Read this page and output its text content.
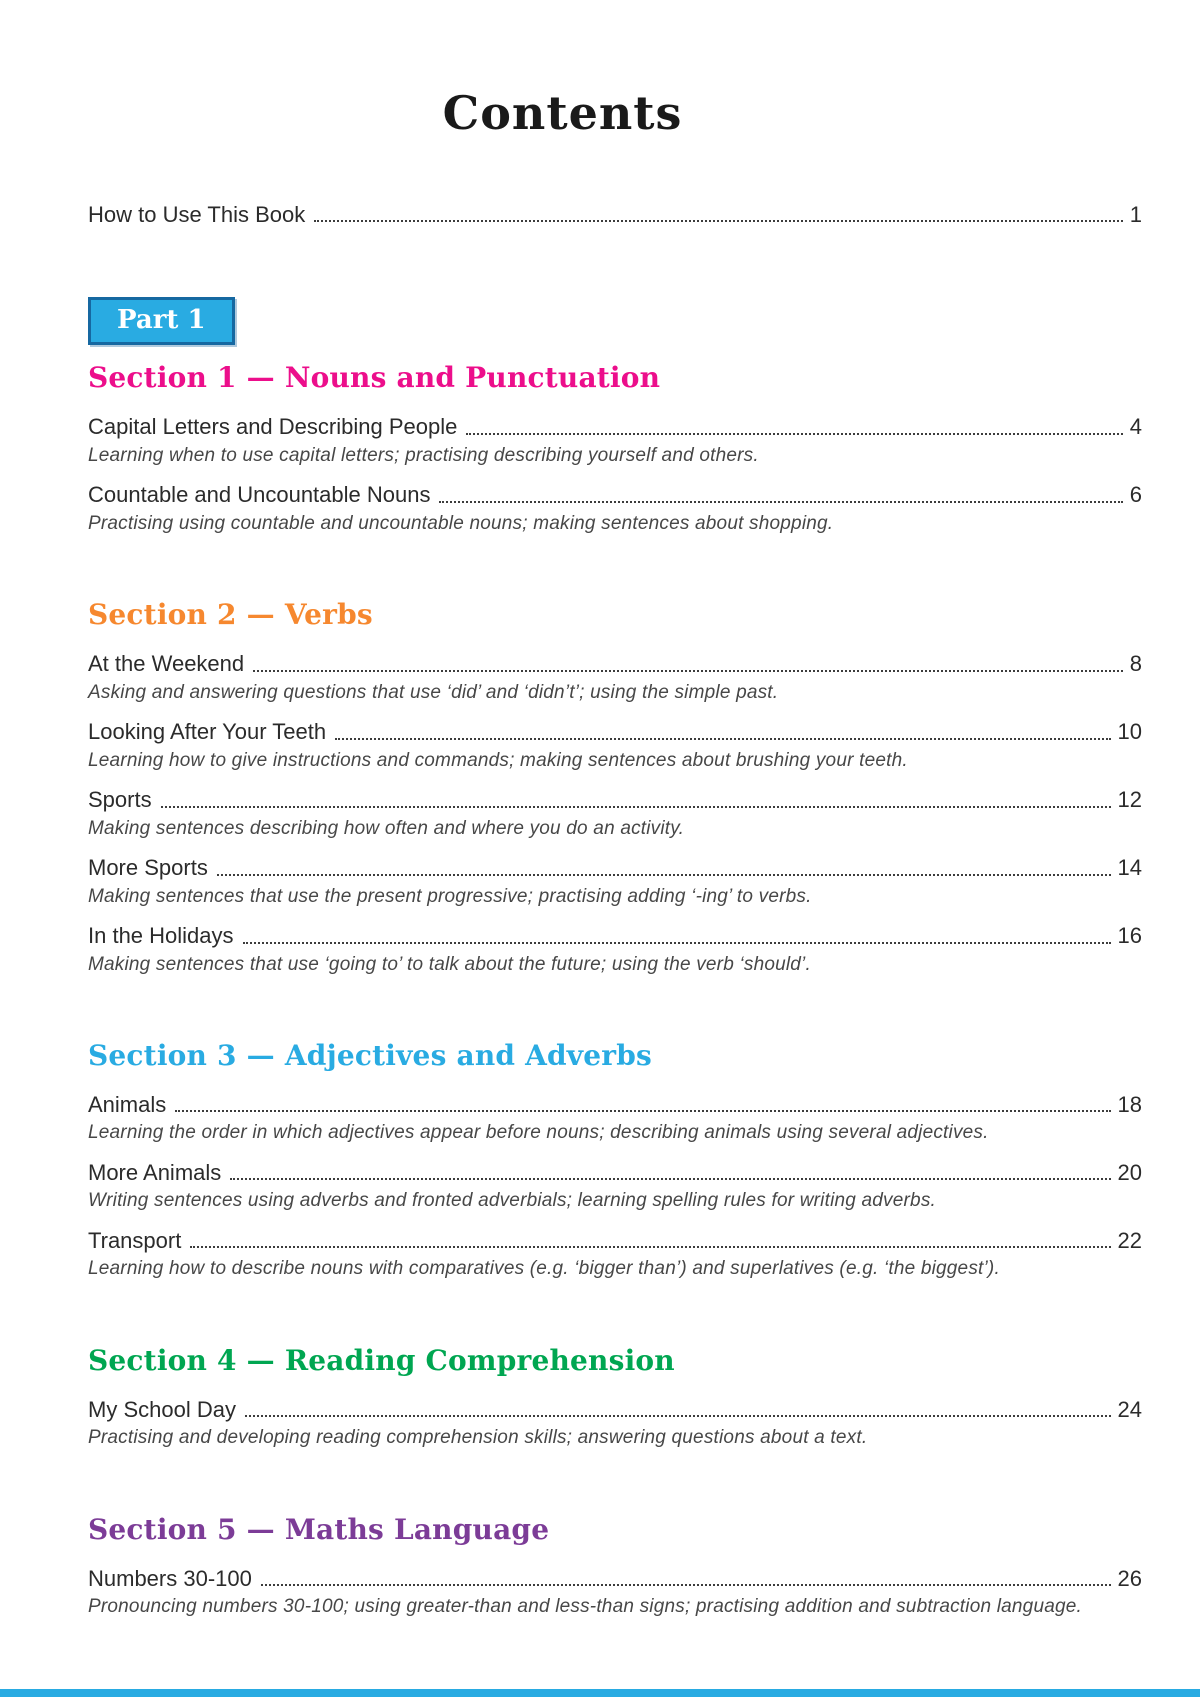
Contents
How to Use This Book	1
Part 1
Section 1 — Nouns and Punctuation
Capital Letters and Describing People	4
Learning when to use capital letters; practising describing yourself and others.
Countable and Uncountable Nouns	6
Practising using countable and uncountable nouns; making sentences about shopping.
Section 2 — Verbs
At the Weekend	8
Asking and answering questions that use ‘did’ and ‘didn’t’; using the simple past.
Looking After Your Teeth	10
Learning how to give instructions and commands; making sentences about brushing your teeth.
Sports	12
Making sentences describing how often and where you do an activity.
More Sports	14
Making sentences that use the present progressive; practising adding ‘-ing’ to verbs.
In the Holidays	16
Making sentences that use ‘going to’ to talk about the future; using the verb ‘should’.
Section 3 — Adjectives and Adverbs
Animals	18
Learning the order in which adjectives appear before nouns; describing animals using several adjectives.
More Animals	20
Writing sentences using adverbs and fronted adverbials; learning spelling rules for writing adverbs.
Transport	22
Learning how to describe nouns with comparatives (e.g. ‘bigger than’) and superlatives (e.g. ‘the biggest’).
Section 4 — Reading Comprehension
My School Day	24
Practising and developing reading comprehension skills; answering questions about a text.
Section 5 — Maths Language
Numbers 30-100	26
Pronouncing numbers 30-100; using greater-than and less-than signs; practising addition and subtraction language.
